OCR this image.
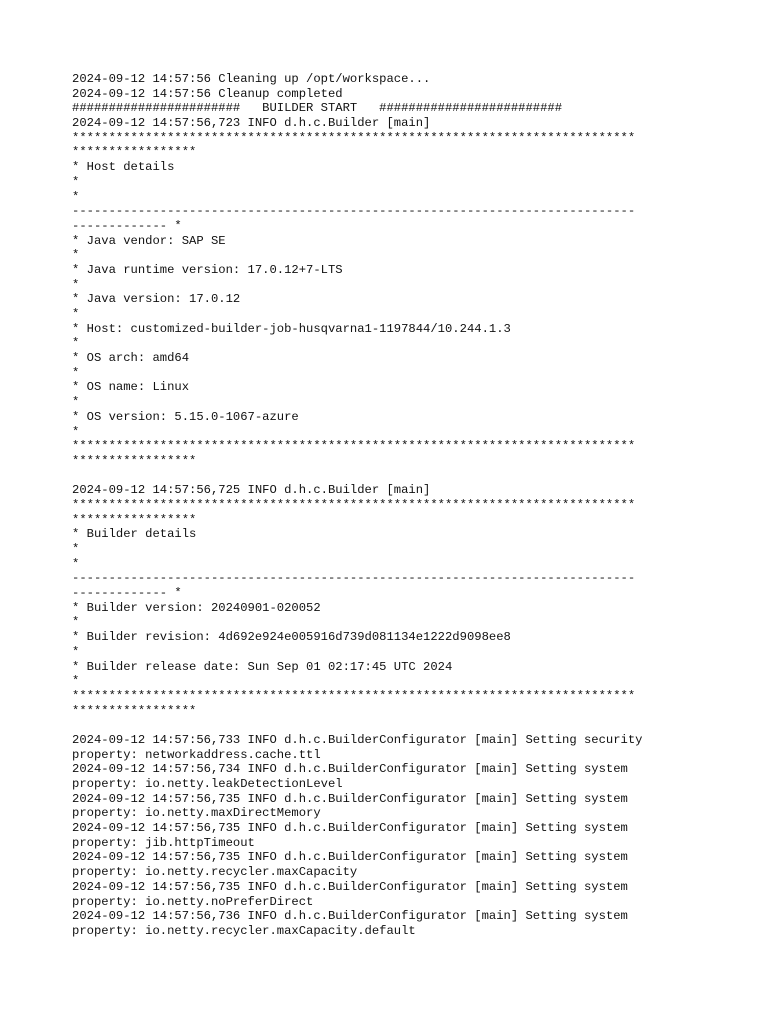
2024-09-12 14:57:56 Cleaning up /opt/workspace...
2024-09-12 14:57:56 Cleanup completed
#######################   BUILDER START   #########################
2024-09-12 14:57:56,723 INFO d.h.c.Builder [main]
*****************************************************************************
*****************
* Host details
*
*
-----------------------------------------------------------------------------
------------- *
* Java vendor: SAP SE
*
* Java runtime version: 17.0.12+7-LTS
*
* Java version: 17.0.12
*
* Host: customized-builder-job-husqvarna1-1197844/10.244.1.3
*
* OS arch: amd64
*
* OS name: Linux
*
* OS version: 5.15.0-1067-azure
*
*****************************************************************************
*****************
2024-09-12 14:57:56,725 INFO d.h.c.Builder [main]
*****************************************************************************
*****************
* Builder details
*
*
-----------------------------------------------------------------------------
------------- *
* Builder version: 20240901-020052
*
* Builder revision: 4d692e924e005916d739d081134e1222d9098ee8
*
* Builder release date: Sun Sep 01 02:17:45 UTC 2024
*
*****************************************************************************
*****************
2024-09-12 14:57:56,733 INFO d.h.c.BuilderConfigurator [main] Setting security
property: networkaddress.cache.ttl
2024-09-12 14:57:56,734 INFO d.h.c.BuilderConfigurator [main] Setting system
property: io.netty.leakDetectionLevel
2024-09-12 14:57:56,735 INFO d.h.c.BuilderConfigurator [main] Setting system
property: io.netty.maxDirectMemory
2024-09-12 14:57:56,735 INFO d.h.c.BuilderConfigurator [main] Setting system
property: jib.httpTimeout
2024-09-12 14:57:56,735 INFO d.h.c.BuilderConfigurator [main] Setting system
property: io.netty.recycler.maxCapacity
2024-09-12 14:57:56,735 INFO d.h.c.BuilderConfigurator [main] Setting system
property: io.netty.noPreferDirect
2024-09-12 14:57:56,736 INFO d.h.c.BuilderConfigurator [main] Setting system
property: io.netty.recycler.maxCapacity.default
